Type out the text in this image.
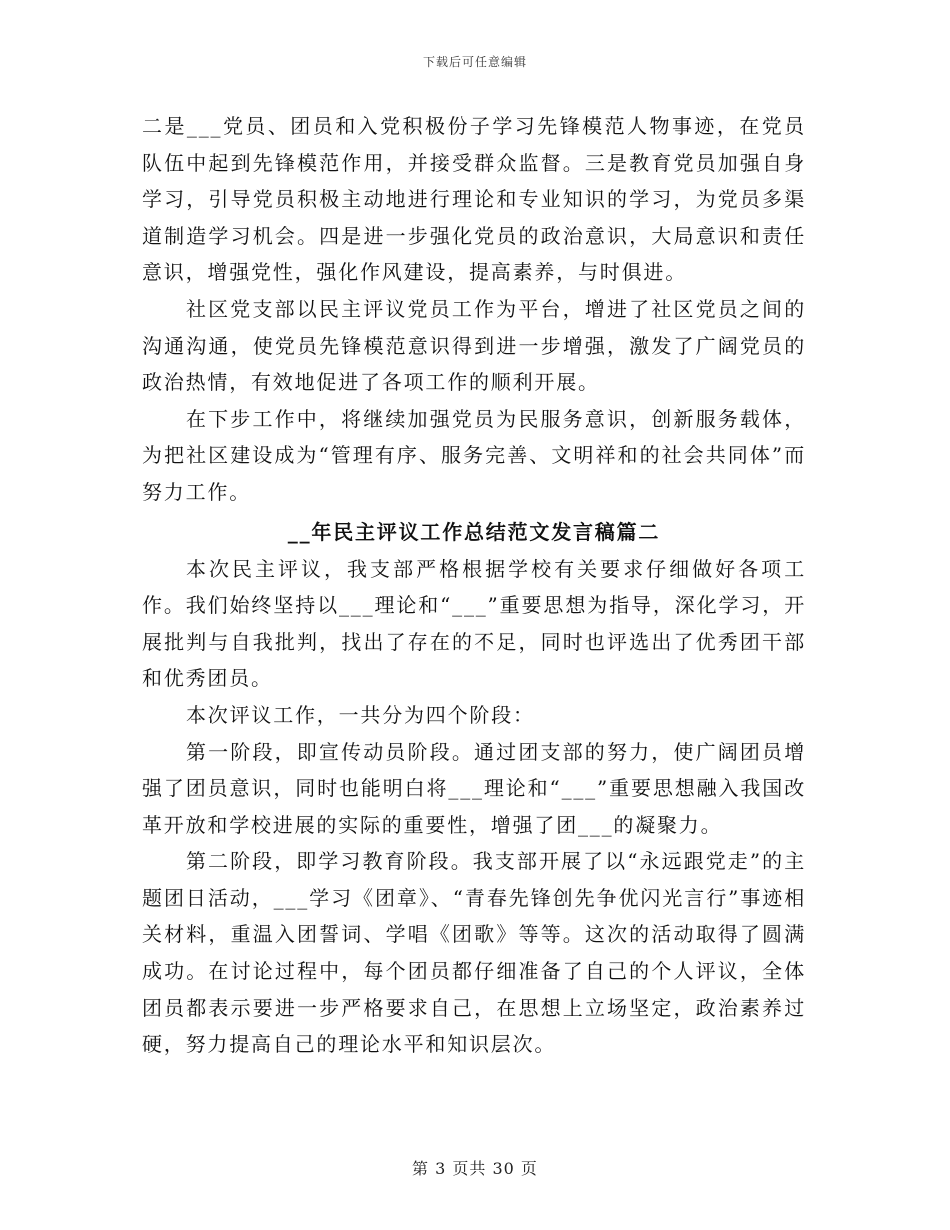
下载后可任意编辑

二是___党员、团员和入党积极份子学习先锋模范人物事迹，在党员队伍中起到先锋模范作用，并接受群众监督。三是教育党员加强自身学习，引导党员积极主动地进行理论和专业知识的学习，为党员多渠道制造学习机会。四是进一步强化党员的政治意识，大局意识和责任意识，增强党性，强化作风建设，提高素养，与时俱进。

社区党支部以民主评议党员工作为平台，增进了社区党员之间的沟通沟通，使党员先锋模范意识得到进一步增强，激发了广阔党员的政治热情，有效地促进了各项工作的顺利开展。

在下步工作中，将继续加强党员为民服务意识，创新服务载体，为把社区建设成为“管理有序、服务完善、文明祥和的社会共同体”而努力工作。

__年民主评议工作总结范文发言稿篇二

本次民主评议，我支部严格根据学校有关要求仔细做好各项工作。我们始终坚持以___理论和“___”重要思想为指导，深化学习，开展批判与自我批判，找出了存在的不足，同时也评选出了优秀团干部和优秀团员。

本次评议工作，一共分为四个阶段：

第一阶段，即宣传动员阶段。通过团支部的努力，使广阔团员增强了团员意识，同时也能明白将___理论和“___”重要思想融入我国改革开放和学校进展的实际的重要性，增强了团___的凝聚力。

第二阶段，即学习教育阶段。我支部开展了以“永远跟党走”的主题团日活动，___学习《团章》、“青春先锋创先争优闪光言行”事迹相关材料，重温入团誓词、学唱《团歌》等等。这次的活动取得了圆满成功。在讨论过程中，每个团员都仔细准备了自己的个人评议，全体团员都表示要进一步严格要求自己，在思想上立场坚定，政治素养过硬，努力提高自己的理论水平和知识层次。

第 3 页共 30 页
